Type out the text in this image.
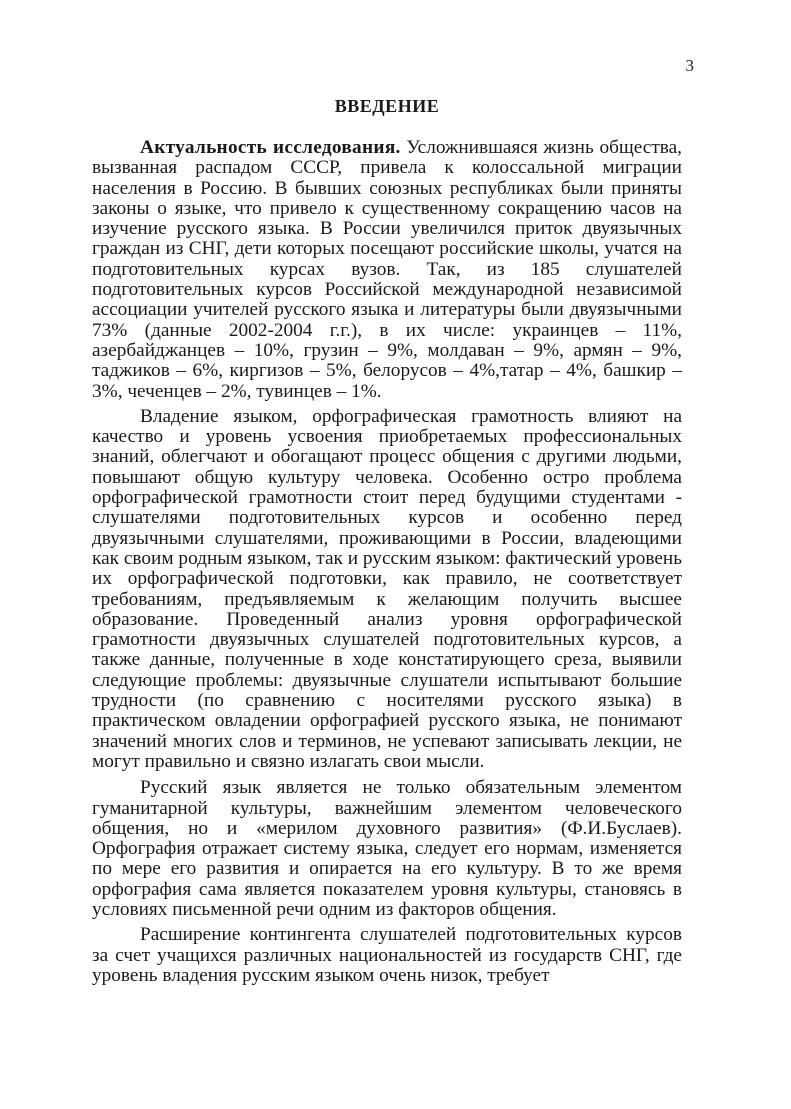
3
ВВЕДЕНИЕ

Актуальность исследования. Усложнившаяся жизнь общества, вызванная распадом СССР, привела к колоссальной миграции населения в Россию. В бывших союзных республиках были приняты законы о языке, что привело к существенному сокращению часов на изучение русского языка. В России увеличился приток двуязычных граждан из СНГ, дети которых посещают российские школы, учатся на подготовительных курсах вузов. Так, из 185 слушателей подготовительных курсов Российской международной независимой ассоциации учителей русского языка и литературы были двуязычными 73% (данные 2002-2004 г.г.), в их числе: украинцев – 11%, азербайджанцев – 10%, грузин – 9%, молдаван – 9%, армян – 9%, таджиков – 6%, киргизов – 5%, белорусов – 4%,татар – 4%, башкир – 3%, чеченцев – 2%, тувинцев – 1%.

Владение языком, орфографическая грамотность влияют на качество и уровень усвоения приобретаемых профессиональных знаний, облегчают и обогащают процесс общения с другими людьми, повышают общую культуру человека. Особенно остро проблема орфографической грамотности стоит перед будущими студентами - слушателями подготовительных курсов и особенно перед двуязычными слушателями, проживающими в России, владеющими как своим родным языком, так и русским языком: фактический уровень их орфографической подготовки, как правило, не соответствует требованиям, предъявляемым к желающим получить высшее образование. Проведенный анализ уровня орфографической грамотности двуязычных слушателей подготовительных курсов, а также данные, полученные в ходе констатирующего среза, выявили следующие проблемы: двуязычные слушатели испытывают большие трудности (по сравнению с носителями русского языка) в практическом овладении орфографией русского языка, не понимают значений многих слов и терминов, не успевают записывать лекции, не могут правильно и связно излагать свои мысли.

Русский язык является не только обязательным элементом гуманитарной культуры, важнейшим элементом человеческого общения, но и «мерилом духовного развития» (Ф.И.Буслаев). Орфография отражает систему языка, следует его нормам, изменяется по мере его развития и опирается на его культуру. В то же время орфография сама является показателем уровня культуры, становясь в условиях письменной речи одним из факторов общения.

Расширение контингента слушателей подготовительных курсов за счет учащихся различных национальностей из государств СНГ, где уровень владения русским языком очень низок, требует
